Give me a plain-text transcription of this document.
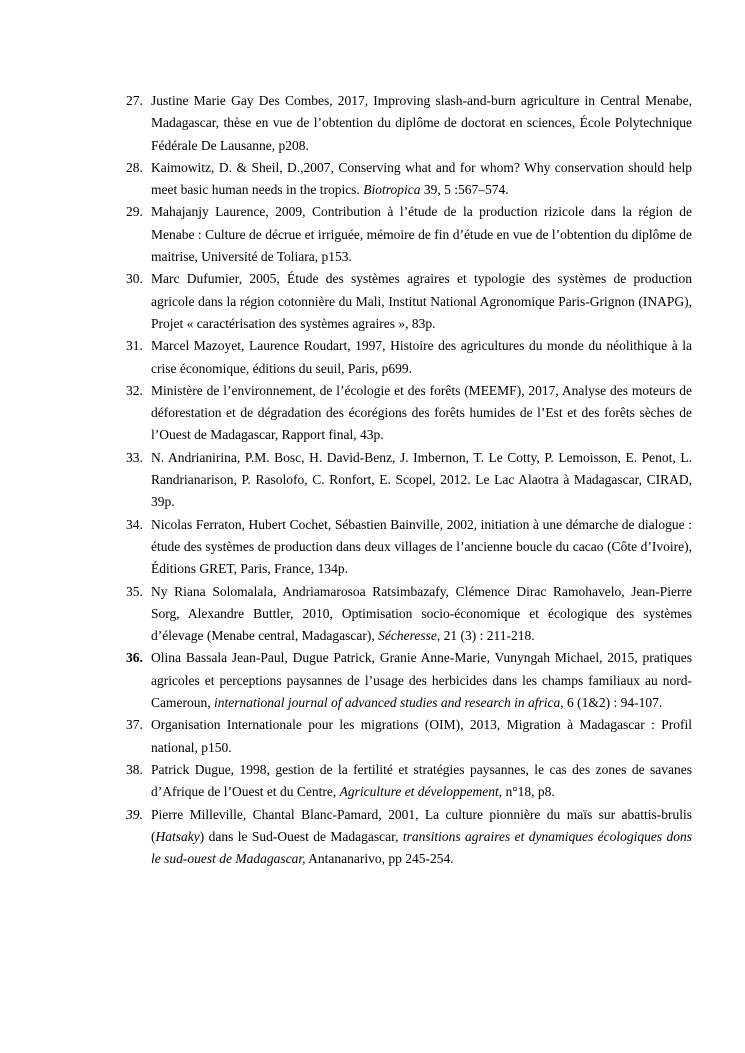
27. Justine Marie Gay Des Combes, 2017, Improving slash-and-burn agriculture in Central Menabe, Madagascar, thèse en vue de l’obtention du diplôme de doctorat en sciences, École Polytechnique Fédérale De Lausanne, p208.
28. Kaimowitz, D. & Sheil, D.,2007, Conserving what and for whom? Why conservation should help meet basic human needs in the tropics. Biotropica 39, 5 :567–574.
29. Mahajanjy Laurence, 2009, Contribution à l’étude de la production rizicole dans la région de Menabe : Culture de décrue et irriguée, mémoire de fin d’étude en vue de l’obtention du diplôme de maitrise, Université de Toliara, p153.
30. Marc Dufumier, 2005, Étude des systèmes agraires et typologie des systèmes de production agricole dans la région cotonnière du Mali, Institut National Agronomique Paris-Grignon (INAPG), Projet « caractérisation des systèmes agraires », 83p.
31. Marcel Mazoyet, Laurence Roudart, 1997, Histoire des agricultures du monde du néolithique à la crise économique, éditions du seuil, Paris, p699.
32. Ministère de l’environnement, de l’écologie et des forêts (MEEMF), 2017, Analyse des moteurs de déforestation et de dégradation des écorégions des forêts humides de l’Est et des forêts sèches de l’Ouest de Madagascar, Rapport final, 43p.
33. N. Andrianirina, P.M. Bosc, H. David-Benz, J. Imbernon, T. Le Cotty, P. Lemoisson, E. Penot, L. Randrianarison, P. Rasolofo, C. Ronfort, E. Scopel, 2012. Le Lac Alaotra à Madagascar, CIRAD, 39p.
34. Nicolas Ferraton, Hubert Cochet, Sébastien Bainville, 2002, initiation à une démarche de dialogue : étude des systèmes de production dans deux villages de l’ancienne boucle du cacao (Côte d’Ivoire), Éditions GRET, Paris, France, 134p.
35. Ny Riana Solomalala, Andriamarosoa Ratsimbazafy, Clémence Dirac Ramohavelo, Jean-Pierre Sorg, Alexandre Buttler, 2010, Optimisation socio-économique et écologique des systèmes d’élevage (Menabe central, Madagascar), Sécheresse, 21 (3) : 211-218.
36. Olina Bassala Jean-Paul, Dugue Patrick, Granie Anne-Marie, Vunyngah Michael, 2015, pratiques agricoles et perceptions paysannes de l’usage des herbicides dans les champs familiaux au nord-Cameroun, international journal of advanced studies and research in africa, 6 (1&2) : 94-107.
37. Organisation Internationale pour les migrations (OIM), 2013, Migration à Madagascar : Profil national, p150.
38. Patrick Dugue, 1998, gestion de la fertilité et stratégies paysannes, le cas des zones de savanes d’Afrique de l’Ouest et du Centre, Agriculture et développement, n°18, p8.
39. Pierre Milleville, Chantal Blanc-Pamard, 2001, La culture pionnière du maïs sur abattis-brulis (Hatsaky) dans le Sud-Ouest de Madagascar, transitions agraires et dynamiques écologiques dons le sud-ouest de Madagascar, Antananarivo, pp 245-254.
